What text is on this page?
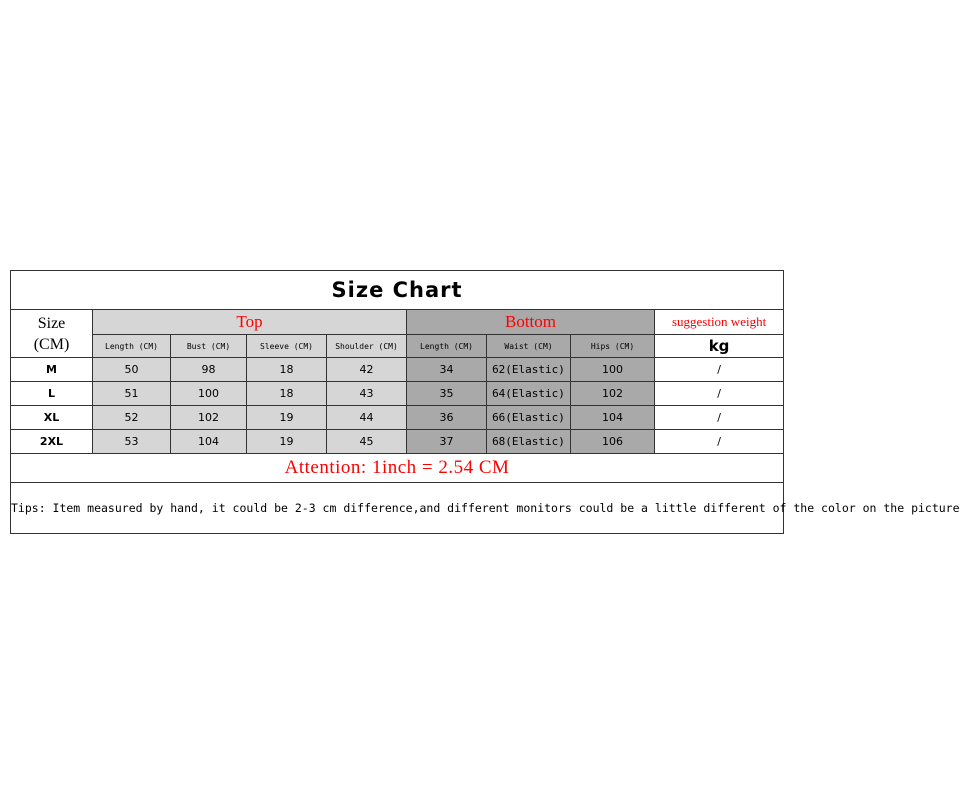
Size Chart								

Size
(CM)	Top				Bottom			suggestion weight
	Length (CM)	Bust (CM)	Sleeve (CM)	Shoulder (CM)	Length (CM)	Waist (CM)	Hips (CM)	kg
M	50	98	18	42	34	62(Elastic)	100	/
L	51	100	18	43	35	64(Elastic)	102	/
XL	52	102	19	44	36	66(Elastic)	104	/
2XL	53	104	19	45	37	68(Elastic)	106	/
Attention: 1inch = 2.54 CM								
Tips: Item measured by hand, it could be 2-3 cm difference,and different monitors could be a little different of the color on the picture								
